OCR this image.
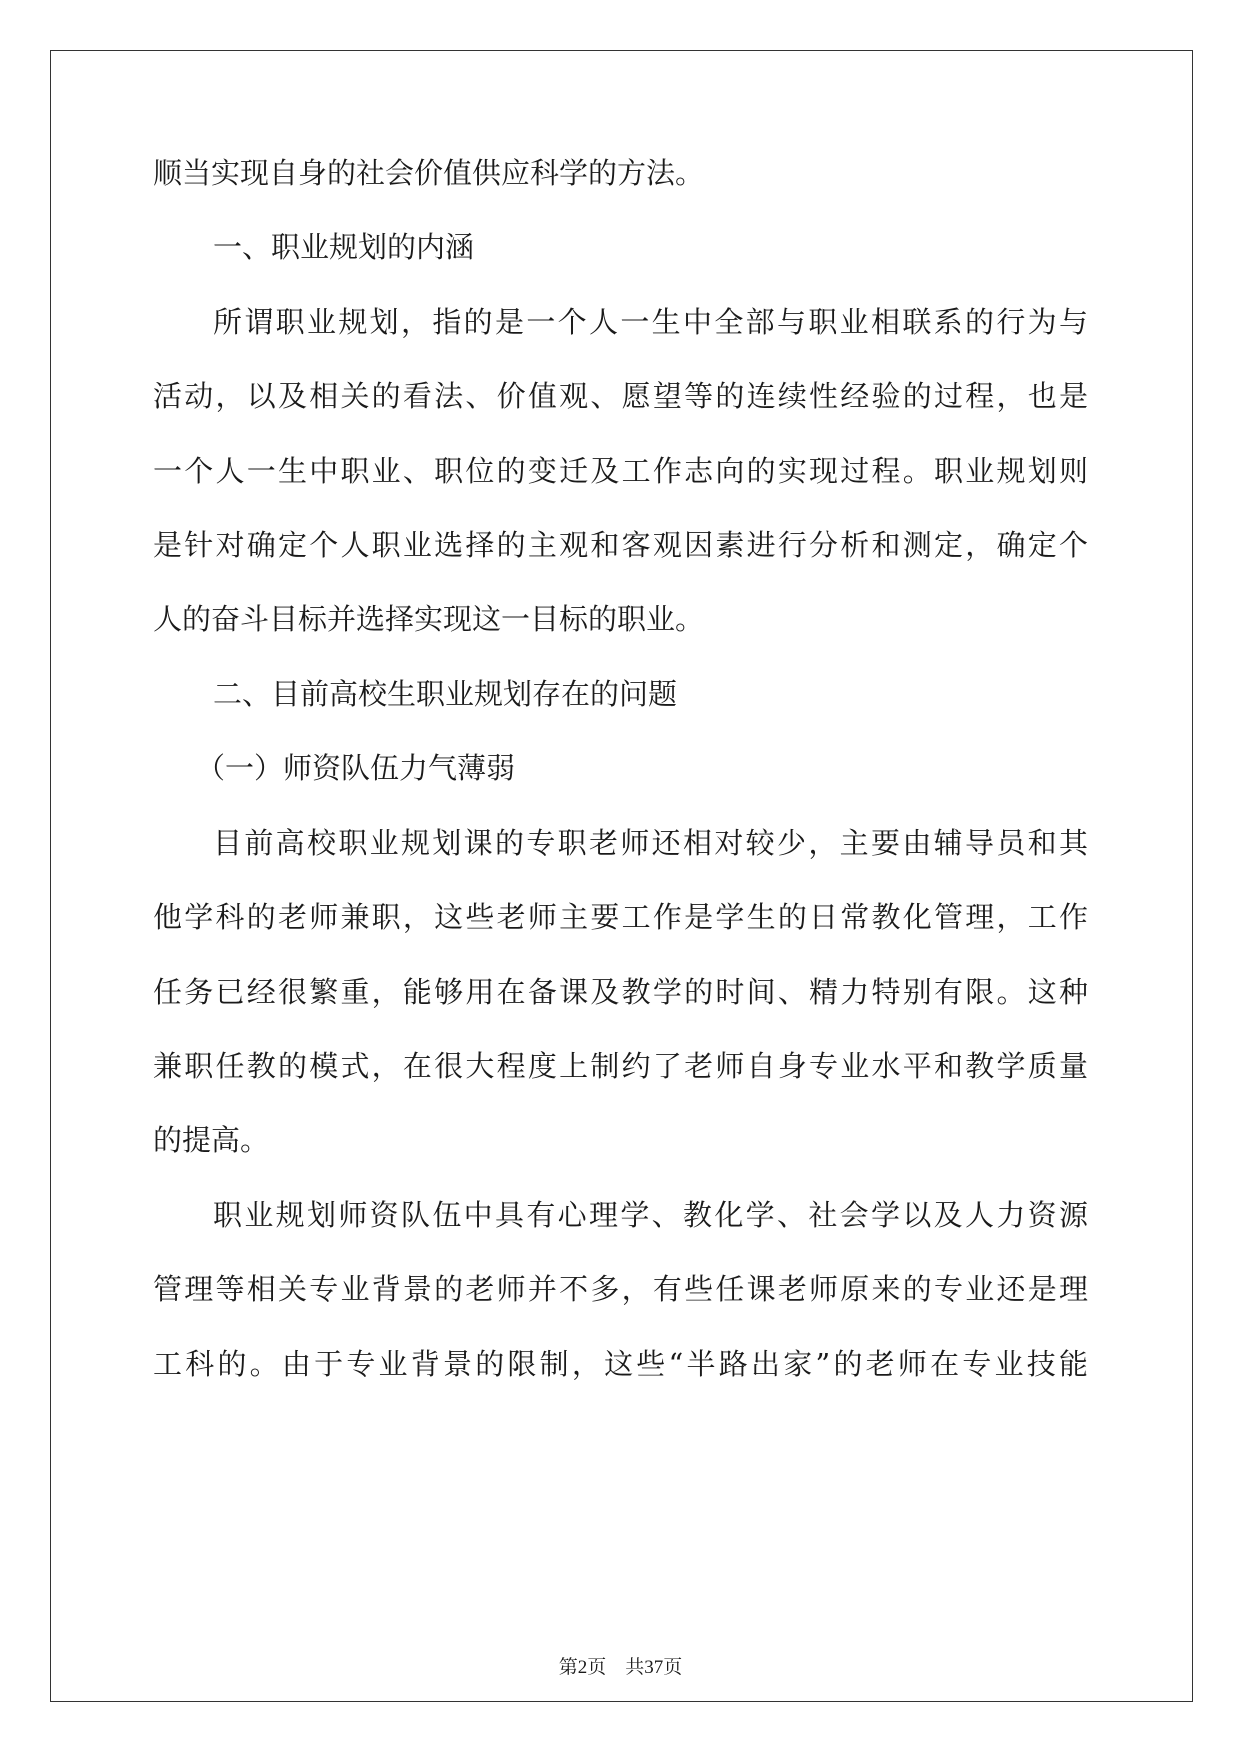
顺当实现自身的社会价值供应科学的方法。
一、职业规划的内涵
所谓职业规划，指的是一个人一生中全部与职业相联系的行为与
活动，以及相关的看法、价值观、愿望等的连续性经验的过程，也是
一个人一生中职业、职位的变迁及工作志向的实现过程。职业规划则
是针对确定个人职业选择的主观和客观因素进行分析和测定，确定个
人的奋斗目标并选择实现这一目标的职业。
二、目前高校生职业规划存在的问题
（一）师资队伍力气薄弱
目前高校职业规划课的专职老师还相对较少，主要由辅导员和其
他学科的老师兼职，这些老师主要工作是学生的日常教化管理，工作
任务已经很繁重，能够用在备课及教学的时间、精力特别有限。这种
兼职任教的模式，在很大程度上制约了老师自身专业水平和教学质量
的提高。
职业规划师资队伍中具有心理学、教化学、社会学以及人力资源
管理等相关专业背景的老师并不多，有些任课老师原来的专业还是理
工科的。由于专业背景的限制，这些“半路出家”的老师在专业技能
第2页　共37页
